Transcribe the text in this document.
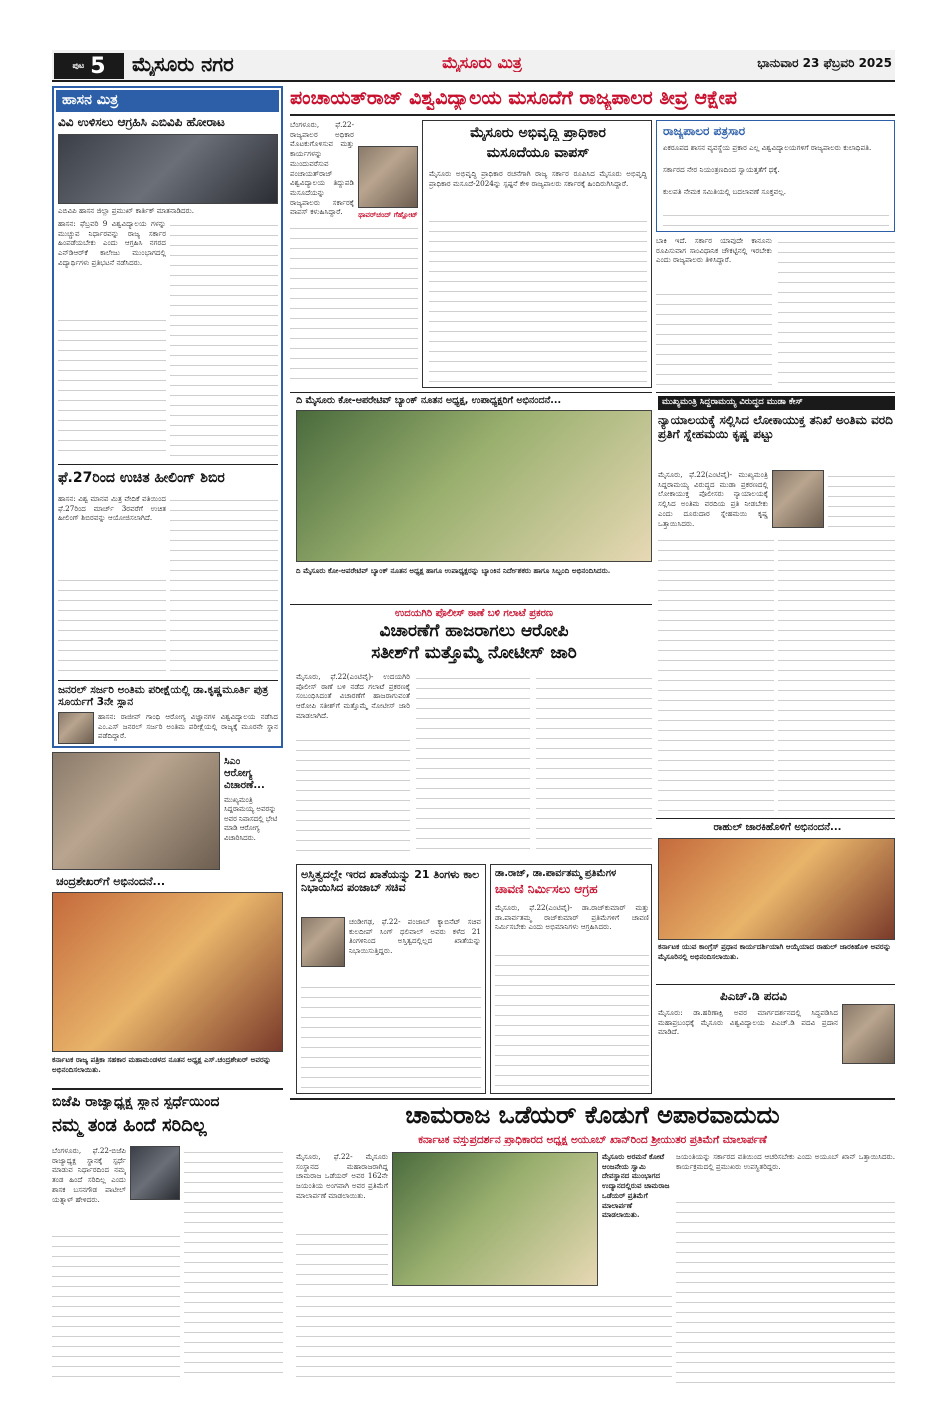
ಪುಟ 5 ಮೈಸೂರು ನಗರ	ಮೈಸೂರು ಮಿತ್ರ	ಭಾನುವಾರ 23 ಫೆಬ್ರವರಿ 2025
ಹಾಸನ ಮಿತ್ರ
ವಿವಿ ಉಳಿಸಲು ಆಗ್ರಹಿಸಿ ಎಬಿವಿಪಿ ಹೋರಾಟ
ಎಬಿವಿಪಿ ಹಾಸನ ಜಿಲ್ಲಾ ಪ್ರಮುಖ್ ಕಾರ್ತಿಕ್ ಮಾತನಾಡಿದರು.
ಹಾಸನ: ಫೆಬ್ರವರಿ 9 ವಿಶ್ವವಿದ್ಯಾಲಯ ಗಳನ್ನು ಮುಚ್ಚುವ ನಿರ್ಧಾರವನ್ನು ರಾಜ್ಯ ಸರ್ಕಾರ ಹಿಂಪಡೆಯಬೇಕು ಎಂದು ಆಗ್ರಹಿಸಿ ನಗರದ ಎನ್‌ಡಿಆರ್‌ಕೆ ಕಾಲೇಜು ಮುಂಭಾಗದಲ್ಲಿ ವಿದ್ಯಾರ್ಥಿಗಳು ಪ್ರತಿಭಟನೆ ನಡೆಸಿದರು.
ಫೆ.27ರಿಂದ ಉಚಿತ ಹೀಲಿಂಗ್ ಶಿಬಿರ
ಹಾಸನ: ವಿಶ್ವ ಮಾನವ ಮಿತ್ರ ವೇದಿಕೆ ವತಿಯಿಂದ ಫೆ.27ರಿಂದ ಮಾರ್ಚ್ 3ರವರೆಗೆ ಉಚಿತ ಹೀಲಿಂಗ್ ಶಿಬಿರವನ್ನು ಆಯೋಜಿಸಲಾಗಿದೆ.
ಜನರಲ್ ಸರ್ಜರಿ ಅಂತಿಮ ಪರೀಕ್ಷೆಯಲ್ಲಿ ಡಾ.ಕೃಷ್ಣಮೂರ್ತಿ ಪುತ್ರ ಸೂರ್ಯಗೆ 3ನೇ ಸ್ಥಾನ
ಹಾಸನ: ರಾಜೀವ್ ಗಾಂಧಿ ಆರೋಗ್ಯ ವಿಜ್ಞಾನಗಳ ವಿಶ್ವವಿದ್ಯಾಲಯ ನಡೆಸಿದ ಎಂ.ಎಸ್ ಜನರಲ್ ಸರ್ಜರಿ ಅಂತಿಮ ಪರೀಕ್ಷೆಯಲ್ಲಿ ರಾಜ್ಯಕ್ಕೆ ಮೂರನೇ ಸ್ಥಾನ ಪಡೆದಿದ್ದಾರೆ.
ಸಿಎಂ
ಆರೋಗ್ಯ
ವಿಚಾರಣೆ...
ಮುಖ್ಯಮಂತ್ರಿ ಸಿದ್ದರಾಮಯ್ಯ ಅವರನ್ನು ಅವರ ನಿವಾಸದಲ್ಲಿ ಭೇಟಿ ಮಾಡಿ ಆರೋಗ್ಯ ವಿಚಾರಿಸಿದರು.
ಚಂದ್ರಶೇಖರ್‌ಗೆ ಅಭಿನಂದನೆ...
ಕರ್ನಾಟಕ ರಾಜ್ಯ ಪತ್ರಿಕಾ ಸಹಕಾರ ಮಹಾಮಂಡಳದ ನೂತನ ಅಧ್ಯಕ್ಷ ಎಸ್.ಚಂದ್ರಶೇಖರ್ ಅವರನ್ನು ಅಭಿನಂದಿಸಲಾಯಿತು.
ಬಿಜೆಪಿ ರಾಜ್ಯಾಧ್ಯಕ್ಷ ಸ್ಥಾನ ಸ್ಪರ್ಧೆಯಿಂದ
ನಮ್ಮ ತಂಡ ಹಿಂದೆ ಸರಿದಿಲ್ಲ
ಬೆಂಗಳೂರು, ಫೆ.22-ಬಿಜೆಪಿ ರಾಜ್ಯಾಧ್ಯಕ್ಷ ಸ್ಥಾನಕ್ಕೆ ಸ್ಪರ್ಧೆ ಮಾಡುವ ನಿರ್ಧಾರದಿಂದ ನಮ್ಮ ತಂಡ ಹಿಂದೆ ಸರಿದಿಲ್ಲ ಎಂದು ಶಾಸಕ ಬಸನಗೌಡ ಪಾಟೀಲ್ ಯತ್ನಾಳ್ ಹೇಳಿದರು.
ಪಂಚಾಯತ್‌ರಾಜ್ ವಿಶ್ವವಿದ್ಯಾಲಯ ಮಸೂದೆಗೆ ರಾಜ್ಯಪಾಲರ ತೀವ್ರ ಆಕ್ಷೇಪ
ಬೆಂಗಳೂರು, ಫೆ.22- ರಾಜ್ಯಪಾಲರ ಅಧಿಕಾರ ಮೊಟಕುಗೊಳಿಸುವ ಮತ್ತು ಕಾರ್ಯಗಳನ್ನು ಮುಂದುವರೆಸುವ ಪಂಚಾಯತ್‌ರಾಜ್ ವಿಶ್ವವಿದ್ಯಾಲಯ ತಿದ್ದುಪಡಿ ಮಸೂದೆಯನ್ನು ರಾಜ್ಯಪಾಲರು ಸರ್ಕಾರಕ್ಕೆ ವಾಪಸ್ ಕಳುಹಿಸಿದ್ದಾರೆ.	ಥಾವರ್‌ಚಂದ್ ಗೆಹ್ಲೋಟ್
ಮೈಸೂರು ಅಭಿವೃದ್ಧಿ ಪ್ರಾಧಿಕಾರ
ಮಸೂದೆಯೂ ವಾಪಸ್
ಮೈಸೂರು ಅಭಿವೃದ್ಧಿ ಪ್ರಾಧಿಕಾರ ರಚನೆಗಾಗಿ ರಾಜ್ಯ ಸರ್ಕಾರ ರೂಪಿಸಿದ ಮೈಸೂರು ಅಭಿವೃದ್ಧಿ ಪ್ರಾಧಿಕಾರ ಮಸೂದೆ-2024ನ್ನು ಸ್ಪಷ್ಟನೆ ಕೇಳಿ ರಾಜ್ಯಪಾಲರು ಸರ್ಕಾರಕ್ಕೆ ಹಿಂದಿರುಗಿಸಿದ್ದಾರೆ.
ರಾಜ್ಯಪಾಲರ ಪತ್ರಸಾರ
ಏಕರೂಪದ ಶಾಸನ ವ್ಯವಸ್ಥೆಯ ಪ್ರಕಾರ ಎಲ್ಲ ವಿಶ್ವವಿದ್ಯಾಲಯಗಳಿಗೆ ರಾಜ್ಯಪಾಲರು ಕುಲಾಧಿಪತಿ.
ಸರ್ಕಾರದ ನೇರ ನಿಯಂತ್ರಣದಿಂದ ಸ್ವಾಯತ್ತತೆಗೆ ಧಕ್ಕೆ.
ಕುಲಪತಿ ನೇಮಕ ಸಮಿತಿಯಲ್ಲಿ ಬದಲಾವಣೆ ಸೂಕ್ತವಲ್ಲ.
ಬಾಕಿ ಇದೆ. ಸರ್ಕಾರ ಯಾವುದೇ ಕಾನೂನು ರೂಪಿಸುವಾಗ ಸಾಂವಿಧಾನಿಕ ಚೌಕಟ್ಟಿನಲ್ಲಿ ಇರಬೇಕು ಎಂದು ರಾಜ್ಯಪಾಲರು ತಿಳಿಸಿದ್ದಾರೆ.
ದಿ ಮೈಸೂರು ಕೋ-ಆಪರೇಟಿವ್ ಬ್ಯಾಂಕ್ ನೂತನ ಅಧ್ಯಕ್ಷ, ಉಪಾಧ್ಯಕ್ಷರಿಗೆ ಅಭಿನಂದನೆ...
ದಿ ಮೈಸೂರು ಕೋ-ಆಪರೇಟಿವ್ ಬ್ಯಾಂಕ್ ನೂತನ ಅಧ್ಯಕ್ಷ ಹಾಗೂ ಉಪಾಧ್ಯಕ್ಷರನ್ನು ಬ್ಯಾಂಕಿನ ನಿರ್ದೇಶಕರು ಹಾಗೂ ಸಿಬ್ಬಂದಿ ಅಭಿನಂದಿಸಿದರು.
ಉದಯಗಿರಿ ಪೊಲೀಸ್ ಠಾಣೆ ಬಳಿ ಗಲಾಟೆ ಪ್ರಕರಣ
ವಿಚಾರಣೆಗೆ ಹಾಜರಾಗಲು ಆರೋಪಿ
ಸತೀಶ್‌ಗೆ ಮತ್ತೊಮ್ಮೆ ನೋಟೀಸ್ ಜಾರಿ
ಮೈಸೂರು, ಫೆ.22(ಎಂಟಿವೈ)- ಉದಯಗಿರಿ ಪೊಲೀಸ್ ಠಾಣೆ ಬಳಿ ನಡೆದ ಗಲಾಟೆ ಪ್ರಕರಣಕ್ಕೆ ಸಂಬಂಧಿಸಿದಂತೆ ವಿಚಾರಣೆಗೆ ಹಾಜರಾಗುವಂತೆ ಆರೋಪಿ ಸತೀಶ್‌ಗೆ ಮತ್ತೊಮ್ಮೆ ನೋಟೀಸ್ ಜಾರಿ ಮಾಡಲಾಗಿದೆ.
ಅಸ್ತಿತ್ವದಲ್ಲೇ ಇರದ ಖಾತೆಯನ್ನು 21 ತಿಂಗಳು ಕಾಲ ನಿಭಾಯಿಸಿದ ಪಂಜಾಬ್ ಸಚಿವ
ಚಂಡೀಗಢ, ಫೆ.22- ಪಂಜಾಬ್ ಕ್ಯಾಬಿನೆಟ್ ಸಚಿವ ಕುಲದೀಪ್ ಸಿಂಗ್ ಧಲಿವಾಲ್ ಅವರು ಕಳೆದ 21 ತಿಂಗಳಿನಿಂದ ಅಸ್ತಿತ್ವದಲ್ಲಿಲ್ಲದ ಖಾತೆಯನ್ನು ನಿಭಾಯಿಸುತ್ತಿದ್ದರು.
ಡಾ.ರಾಜ್, ಡಾ.ಪಾರ್ವತಮ್ಮ ಪ್ರತಿಮೆಗಳ
ಚಾವಣಿ ನಿರ್ಮಿಸಲು ಆಗ್ರಹ
ಮೈಸೂರು, ಫೆ.22(ಎಂಟಿವೈ)- ಡಾ.ರಾಜ್‌ಕುಮಾರ್ ಮತ್ತು ಡಾ.ಪಾರ್ವತಮ್ಮ ರಾಜ್‌ಕುಮಾರ್ ಪ್ರತಿಮೆಗಳಿಗೆ ಚಾವಣಿ ನಿರ್ಮಿಸಬೇಕು ಎಂದು ಅಭಿಮಾನಿಗಳು ಆಗ್ರಹಿಸಿದರು.
ಮುಖ್ಯಮಂತ್ರಿ ಸಿದ್ದರಾಮಯ್ಯ ವಿರುದ್ಧದ ಮುಡಾ ಕೇಸ್
ನ್ಯಾಯಾಲಯಕ್ಕೆ ಸಲ್ಲಿಸಿದ ಲೋಕಾಯುಕ್ತ ತನಿಖೆ ಅಂತಿಮ ವರದಿ ಪ್ರತಿಗೆ ಸ್ನೇಹಮಯಿ ಕೃಷ್ಣ ಪಟ್ಟು
ಮೈಸೂರು, ಫೆ.22(ಎಂಟಿವೈ)- ಮುಖ್ಯಮಂತ್ರಿ ಸಿದ್ದರಾಮಯ್ಯ ವಿರುದ್ಧದ ಮುಡಾ ಪ್ರಕರಣದಲ್ಲಿ ಲೋಕಾಯುಕ್ತ ಪೊಲೀಸರು ನ್ಯಾಯಾಲಯಕ್ಕೆ ಸಲ್ಲಿಸಿದ ಅಂತಿಮ ವರದಿಯ ಪ್ರತಿ ನೀಡಬೇಕು ಎಂದು ದೂರುದಾರ ಸ್ನೇಹಮಯಿ ಕೃಷ್ಣ ಒತ್ತಾಯಿಸಿದರು.
ರಾಹುಲ್ ಜಾರಕಿಹೊಳಿಗೆ ಅಭಿನಂದನೆ...
ಕರ್ನಾಟಕ ಯುವ ಕಾಂಗ್ರೆಸ್ ಪ್ರಧಾನ ಕಾರ್ಯದರ್ಶಿಯಾಗಿ ಆಯ್ಕೆಯಾದ ರಾಹುಲ್ ಜಾರಕಿಹೊಳಿ ಅವರನ್ನು ಮೈಸೂರಿನಲ್ಲಿ ಅಭಿನಂದಿಸಲಾಯಿತು.
ಪಿಎಚ್.ಡಿ ಪದವಿ
ಮೈಸೂರು: ಡಾ.ಹರಿಣಾಕ್ಷಿ ಅವರ ಮಾರ್ಗದರ್ಶನದಲ್ಲಿ ಸಿದ್ಧಪಡಿಸಿದ ಮಹಾಪ್ರಬಂಧಕ್ಕೆ ಮೈಸೂರು ವಿಶ್ವವಿದ್ಯಾಲಯ ಪಿಎಚ್.ಡಿ ಪದವಿ ಪ್ರದಾನ ಮಾಡಿದೆ.
ಚಾಮರಾಜ ಒಡೆಯರ್ ಕೊಡುಗೆ ಅಪಾರವಾದುದು
ಕರ್ನಾಟಕ ವಸ್ತುಪ್ರದರ್ಶನ ಪ್ರಾಧಿಕಾರದ ಅಧ್ಯಕ್ಷ ಅಯೂಬ್ ಖಾನ್‌ರಿಂದ ಶ್ರೀಯುತರ ಪ್ರತಿಮೆಗೆ ಮಾಲಾರ್ಪಣೆ
ಮೈಸೂರು, ಫೆ.22- ಮೈಸೂರು ಸಂಸ್ಥಾನದ ಮಹಾರಾಜರಾಗಿದ್ದ ಚಾಮರಾಜ ಒಡೆಯರ್ ಅವರ 162ನೇ ಜಯಂತಿಯ ಅಂಗವಾಗಿ ಅವರ ಪ್ರತಿಮೆಗೆ ಮಾಲಾರ್ಪಣೆ ಮಾಡಲಾಯಿತು.
ಮೈಸೂರು ಅರಮನೆ ಕೋಟೆ ಆಂಜನೇಯ ಸ್ವಾಮಿ ದೇವಸ್ಥಾನದ ಮುಂಭಾಗದ ಉದ್ಯಾನದಲ್ಲಿರುವ ಚಾಮರಾಜ ಒಡೆಯರ್ ಪ್ರತಿಮೆಗೆ ಮಾಲಾರ್ಪಣೆ ಮಾಡಲಾಯಿತು.
ಜಯಂತಿಯನ್ನು ಸರ್ಕಾರದ ವತಿಯಿಂದ ಆಚರಿಸಬೇಕು ಎಂದು ಅಯೂಬ್ ಖಾನ್ ಒತ್ತಾಯಿಸಿದರು. ಕಾರ್ಯಕ್ರಮದಲ್ಲಿ ಪ್ರಮುಖರು ಉಪಸ್ಥಿತರಿದ್ದರು.
